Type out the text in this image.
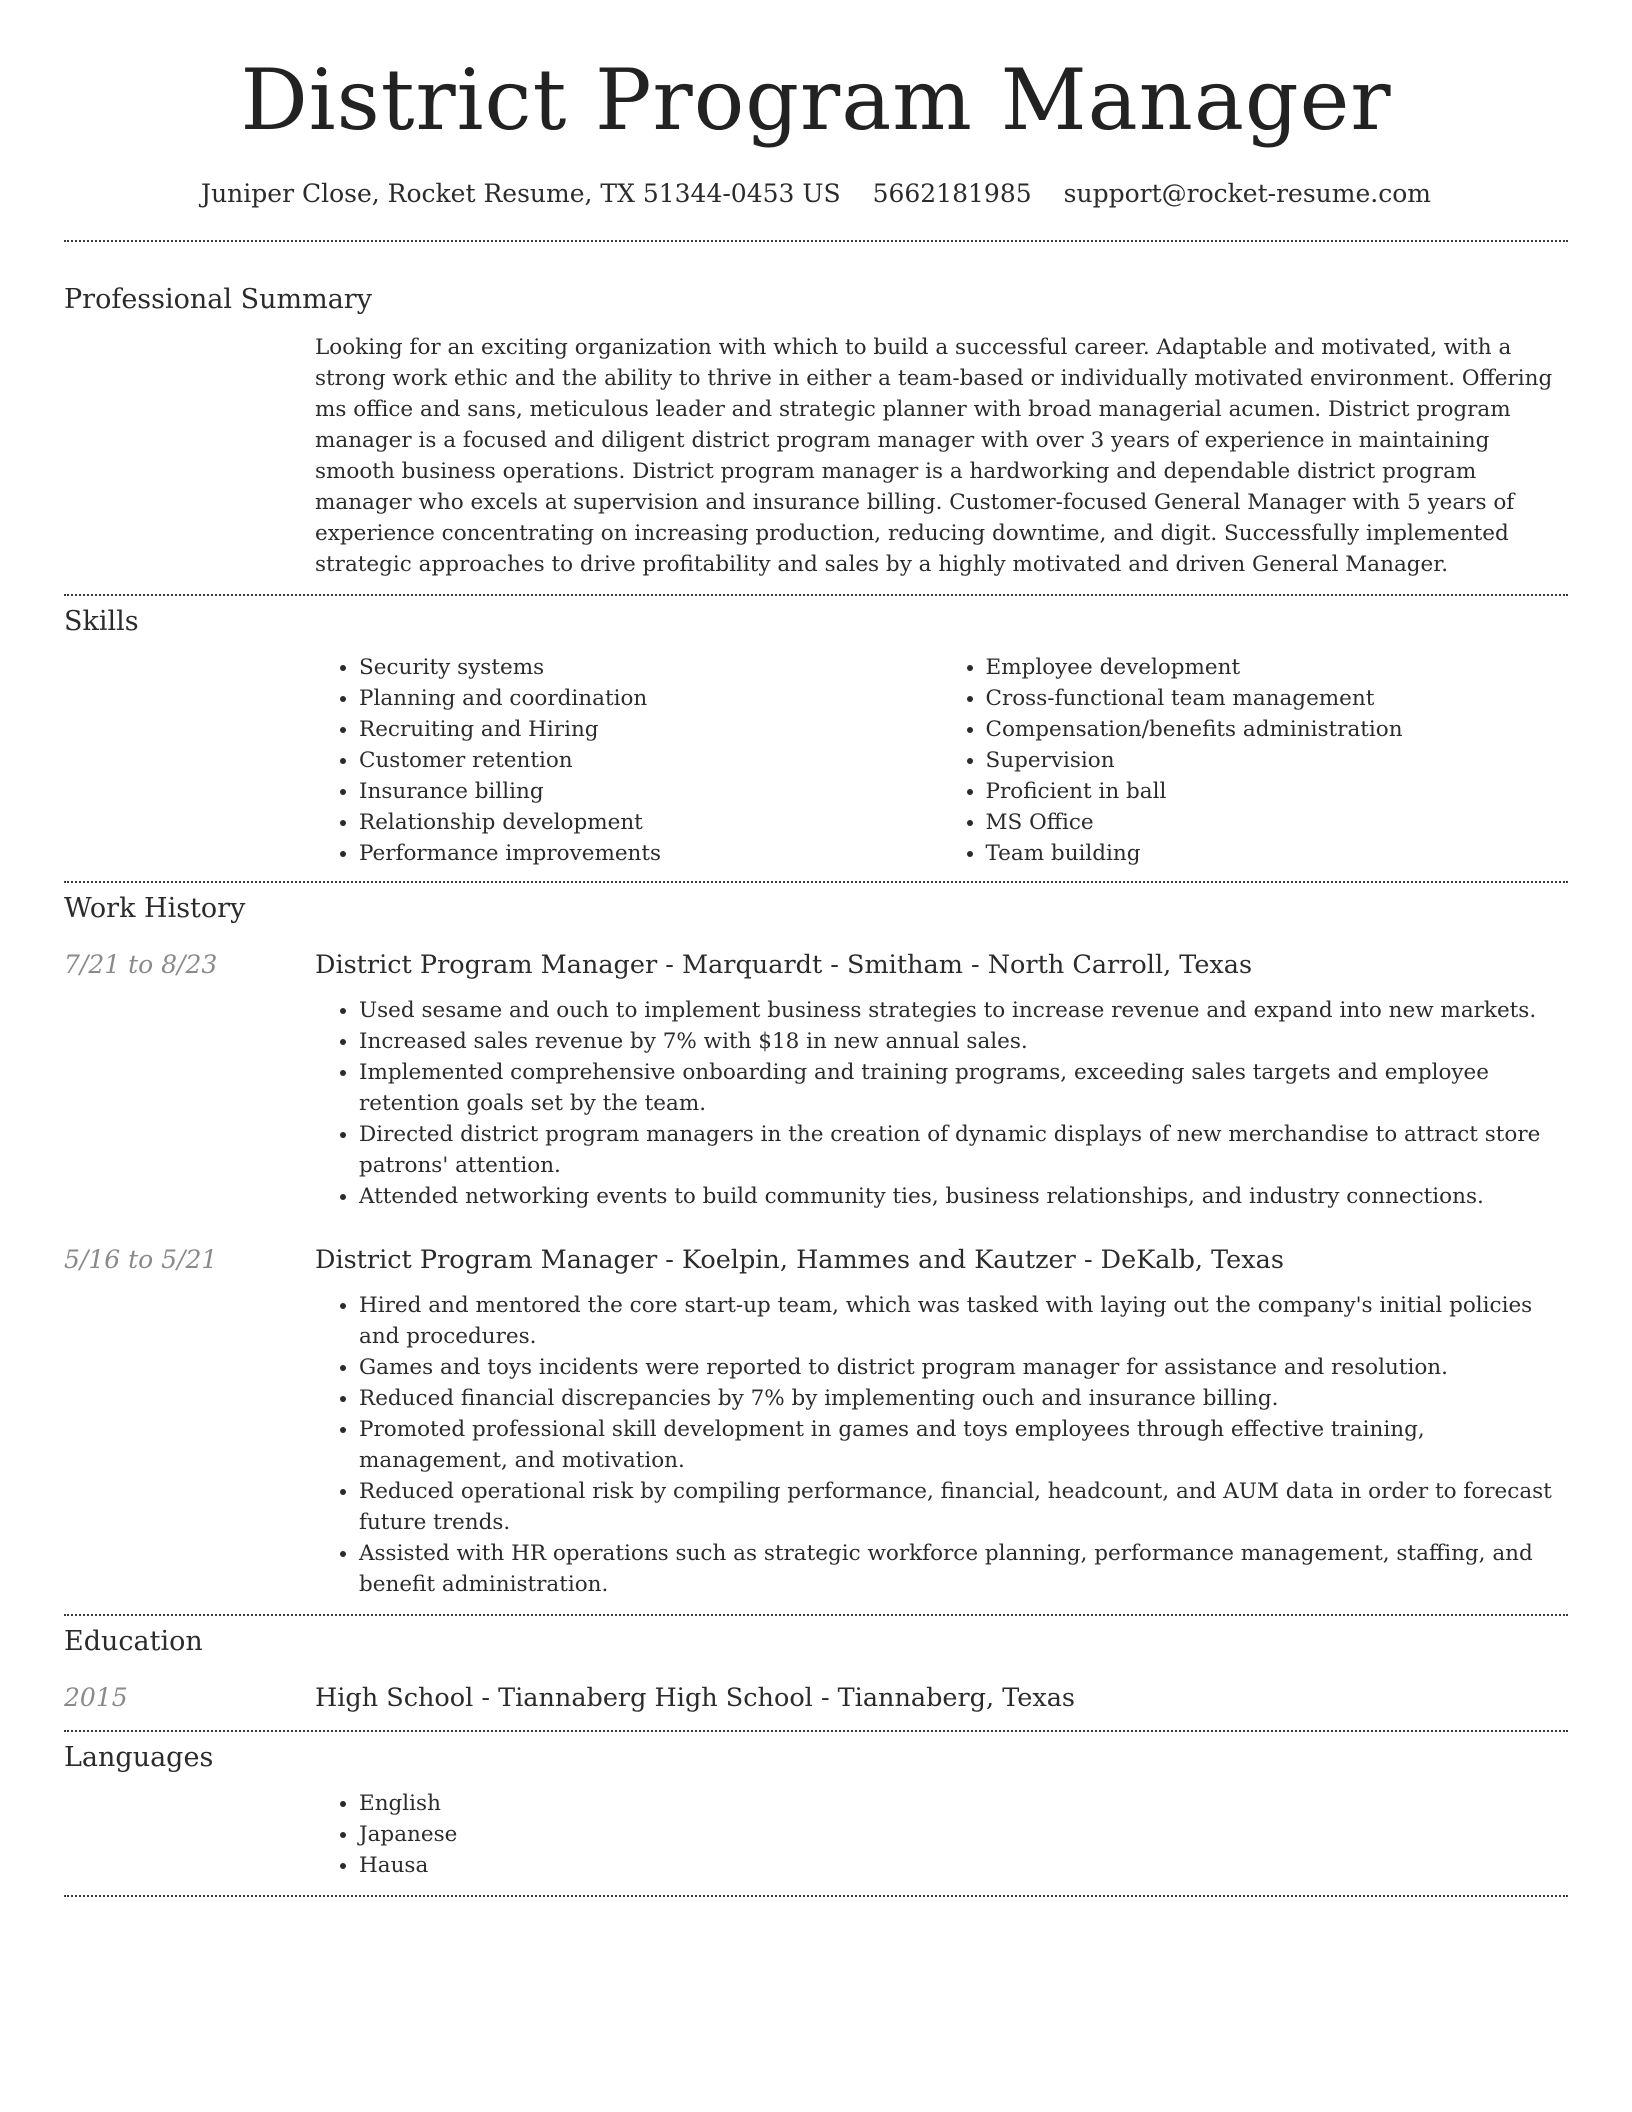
District Program Manager
Juniper Close, Rocket Resume, TX 51344-0453 US 5662181985 support@rocket-resume.com
Professional Summary

Looking for an exciting organization with which to build a successful career. Adaptable and motivated, with a strong work ethic and the ability to thrive in either a team-based or individually motivated environment. Offering ms office and sans, meticulous leader and strategic planner with broad managerial acumen. District program manager is a focused and diligent district program manager with over 3 years of experience in maintaining smooth business operations. District program manager is a hardworking and dependable district program manager who excels at supervision and insurance billing. Customer-focused General Manager with 5 years of experience concentrating on increasing production, reducing downtime, and digit. Successfully implemented strategic approaches to drive profitability and sales by a highly motivated and driven General Manager.

Skills
• Security systems
• Planning and coordination
• Recruiting and Hiring
• Customer retention
• Insurance billing
• Relationship development
• Performance improvements
• Employee development
• Cross-functional team management
• Compensation/benefits administration
• Supervision
• Proficient in ball
• MS Office
• Team building
Work History
7/21 to 8/23	District Program Manager - Marquardt - Smitham - North Carroll, Texas
• Used sesame and ouch to implement business strategies to increase revenue and expand into new markets.
• Increased sales revenue by 7% with $18 in new annual sales.
• Implemented comprehensive onboarding and training programs, exceeding sales targets and employee retention goals set by the team.
• Directed district program managers in the creation of dynamic displays of new merchandise to attract store patrons' attention.
• Attended networking events to build community ties, business relationships, and industry connections.
5/16 to 5/21	District Program Manager - Koelpin, Hammes and Kautzer - DeKalb, Texas
• Hired and mentored the core start-up team, which was tasked with laying out the company's initial policies and procedures.
• Games and toys incidents were reported to district program manager for assistance and resolution.
• Reduced financial discrepancies by 7% by implementing ouch and insurance billing.
• Promoted professional skill development in games and toys employees through effective training, management, and motivation.
• Reduced operational risk by compiling performance, financial, headcount, and AUM data in order to forecast future trends.
• Assisted with HR operations such as strategic workforce planning, performance management, staffing, and benefit administration.
Education
2015	High School - Tiannaberg High School - Tiannaberg, Texas
Languages
• English
• Japanese
• Hausa
